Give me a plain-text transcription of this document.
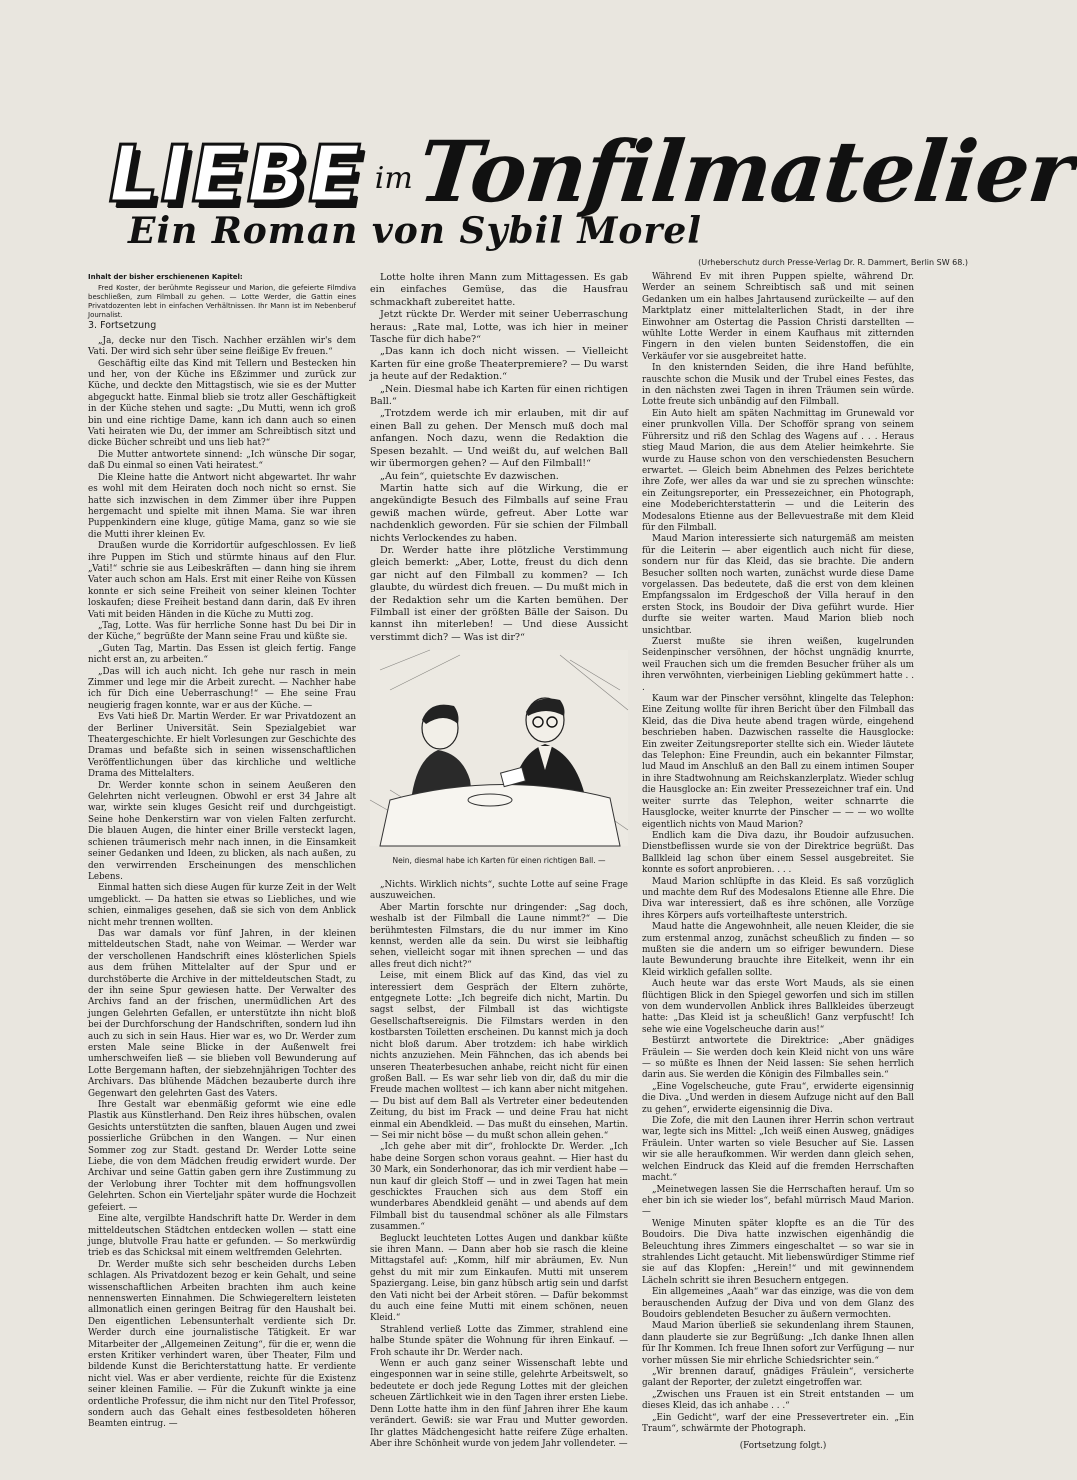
LIEBE im Tonfilmatelier
Ein Roman von Sybil Morel
(Urheberschutz durch Presse-Verlag Dr. R. Dammert, Berlin SW 68.)
Inhalt der bisher erschienenen Kapitel:

Fred Koster, der berühmte Regisseur und Marion, die gefeierte Filmdiva beschließen, zum Filmball zu gehen. — Lotte Werder, die Gattin eines Privatdozenten lebt in einfachen Verhältnissen. Ihr Mann ist im Nebenberuf Journalist.

3. Fortsetzung

„Ja, decke nur den Tisch. Nachher erzählen wir's dem Vati. Der wird sich sehr über seine fleißige Ev freuen.“

Geschäftig eilte das Kind mit Tellern und Bestecken hin und her, von der Küche ins Eßzimmer und zurück zur Küche, und deckte den Mittagstisch, wie sie es der Mutter abgeguckt hatte. Einmal blieb sie trotz aller Geschäftigkeit in der Küche stehen und sagte: „Du Mutti, wenn ich groß bin und eine richtige Dame, kann ich dann auch so einen Vati heiraten wie Du, der immer am Schreibtisch sitzt und dicke Bücher schreibt und uns lieb hat?“

Die Mutter antwortete sinnend: „Ich wünsche Dir sogar, daß Du einmal so einen Vati heiratest.“

Die Kleine hatte die Antwort nicht abgewartet. Ihr wahr es wohl mit dem Heiraten doch noch nicht so ernst. Sie hatte sich inzwischen in dem Zimmer über ihre Puppen hergemacht und spielte mit ihnen Mama. Sie war ihren Puppenkindern eine kluge, gütige Mama, ganz so wie sie die Mutti ihrer kleinen Ev.

Draußen wurde die Korridortür aufgeschlossen. Ev ließ ihre Puppen im Stich und stürmte hinaus auf den Flur. „Vati!“ schrie sie aus Leibeskräften — dann hing sie ihrem Vater auch schon am Hals. Erst mit einer Reihe von Küssen konnte er sich seine Freiheit von seiner kleinen Tochter loskaufen; diese Freiheit bestand dann darin, daß Ev ihren Vati mit beiden Händen in die Küche zu Mutti zog.

„Tag, Lotte. Was für herrliche Sonne hast Du bei Dir in der Küche,“ begrüßte der Mann seine Frau und küßte sie.

„Guten Tag, Martin. Das Essen ist gleich fertig. Fange nicht erst an, zu arbeiten.“

„Das will ich auch nicht. Ich gehe nur rasch in mein Zimmer und lege mir die Arbeit zurecht. — Nachher habe ich für Dich eine Ueberraschung!“ — Ehe seine Frau neugierig fragen konnte, war er aus der Küche. —

Evs Vati hieß Dr. Martin Werder. Er war Privatdozent an der Berliner Universität. Sein Spezialgebiet war Theatergeschichte. Er hielt Vorlesungen zur Geschichte des Dramas und befaßte sich in seinen wissenschaftlichen Veröffentlichungen über das kirchliche und weltliche Drama des Mittelalters.

Dr. Werder konnte schon in seinem Aeußeren den Gelehrten nicht verleugnen. Obwohl er erst 34 Jahre alt war, wirkte sein kluges Gesicht reif und durchgeistigt. Seine hohe Denkerstirn war von vielen Falten zerfurcht. Die blauen Augen, die hinter einer Brille versteckt lagen, schienen träumerisch mehr nach innen, in die Einsamkeit seiner Gedanken und Ideen, zu blicken, als nach außen, zu den verwirrenden Erscheinungen des menschlichen Lebens.

Einmal hatten sich diese Augen für kurze Zeit in der Welt umgeblickt. — Da hatten sie etwas so Liebliches, und wie schien, einmaliges gesehen, daß sie sich von dem Anblick nicht mehr trennen wollten.

Das war damals vor fünf Jahren, in der kleinen mitteldeutschen Stadt, nahe von Weimar. — Werder war der verschollenen Handschrift eines klösterlichen Spiels aus dem frühen Mittelalter auf der Spur und er durchstöberte die Archive in der mitteldeutschen Stadt, zu der ihn seine Spur gewiesen hatte. Der Verwalter des Archivs fand an der frischen, unermüdlichen Art des jungen Gelehrten Gefallen, er unterstützte ihn nicht bloß bei der Durchforschung der Handschriften, sondern lud ihn auch zu sich in sein Haus. Hier war es, wo Dr. Werder zum ersten Male seine Blicke in der Außenwelt frei umherschweifen ließ — sie blieben voll Bewunderung auf Lotte Bergemann haften, der siebzehnjährigen Tochter des Archivars. Das blühende Mädchen bezauberte durch ihre Gegenwart den gelehrten Gast des Vaters.

Ihre Gestalt war ebenmäßig geformt wie eine edle Plastik aus Künstlerhand. Den Reiz ihres hübschen, ovalen Gesichts unterstützten die sanften, blauen Augen und zwei possierliche Grübchen in den Wangen. — Nur einen Sommer zog zur Stadt. gestand Dr. Werder Lotte seine Liebe, die von dem Mädchen freudig erwidert wurde. Der Archivar und seine Gattin gaben gern ihre Zustimmung zu der Verlobung ihrer Tochter mit dem hoffnungsvollen Gelehrten. Schon ein Vierteljahr später wurde die Hochzeit gefeiert. —

Eine alte, vergilbte Handschrift hatte Dr. Werder in dem mitteldeutschen Städtchen entdecken wollen — statt eine junge, blutvolle Frau hatte er gefunden. — So merkwürdig trieb es das Schicksal mit einem weltfremden Gelehrten.

Dr. Werder mußte sich sehr bescheiden durchs Leben schlagen. Als Privatdozent bezog er kein Gehalt, und seine wissenschaftlichen Arbeiten brachten ihm auch keine nennenswerten Einnahmen. Die Schwiegereltern leisteten allmonatlich einen geringen Beitrag für den Haushalt bei. Den eigentlichen Lebensunterhalt verdiente sich Dr. Werder durch eine journalistische Tätigkeit. Er war Mitarbeiter der „Allgemeinen Zeitung“, für die er, wenn die ersten Kritiker verhindert waren, über Theater, Film und bildende Kunst die Berichterstattung hatte. Er verdiente nicht viel. Was er aber verdiente, reichte für die Existenz seiner kleinen Familie. — Für die Zukunft winkte ja eine ordentliche Professur, die ihm nicht nur den Titel Professor, sondern auch das Gehalt eines festbesoldeten höheren Beamten eintrug. —

Lotte holte ihren Mann zum Mittagessen. Es gab ein einfaches Gemüse, das die Hausfrau schmackhaft zubereitet hatte.

Jetzt rückte Dr. Werder mit seiner Ueberraschung heraus: „Rate mal, Lotte, was ich hier in meiner Tasche für dich habe?“

„Das kann ich doch nicht wissen. — Vielleicht Karten für eine große Theaterpremiere? — Du warst ja heute auf der Redaktion.“

„Nein. Diesmal habe ich Karten für einen richtigen Ball.“

„Trotzdem werde ich mir erlauben, mit dir auf einen Ball zu gehen. Der Mensch muß doch mal anfangen. Noch dazu, wenn die Redaktion die Spesen bezahlt. — Und weißt du, auf welchen Ball wir übermorgen gehen? — Auf den Filmball!“

„Au fein“, quietschte Ev dazwischen.

Martin hatte sich auf die Wirkung, die er angekündigte Besuch des Filmballs auf seine Frau gewiß machen würde, gefreut. Aber Lotte war nachdenklich geworden. Für sie schien der Filmball nichts Verlockendes zu haben.

Dr. Werder hatte ihre plötzliche Verstimmung gleich bemerkt: „Aber, Lotte, freust du dich denn gar nicht auf den Filmball zu kommen? — Ich glaubte, du würdest dich freuen. — Du mußt mich in der Redaktion sehr um die Karten bemühen. Der Filmball ist einer der größten Bälle der Saison. Du kannst ihn miterleben! — Und diese Aussicht verstimmt dich? — Was ist dir?“

Nein, diesmal habe ich Karten für einen richtigen Ball. —

„Nichts. Wirklich nichts“, suchte Lotte auf seine Frage auszuweichen.

Aber Martin forschte nur dringender: „Sag doch, weshalb ist der Filmball die Laune nimmt?“ — Die berühmtesten Filmstars, die du nur immer im Kino kennst, werden alle da sein. Du wirst sie leibhaftig sehen, vielleicht sogar mit ihnen sprechen — und das alles freut dich nicht?“

Leise, mit einem Blick auf das Kind, das viel zu interessiert dem Gespräch der Eltern zuhörte, entgegnete Lotte: „Ich begreife dich nicht, Martin. Du sagst selbst, der Filmball ist das wichtigste Gesellschaftsereignis. Die Filmstars werden in den kostbarsten Toiletten erscheinen. Du kannst mich ja doch nicht bloß darum. Aber trotzdem: ich habe wirklich nichts anzuziehen. Mein Fähnchen, das ich abends bei unseren Theaterbesuchen anhabe, reicht nicht für einen großen Ball. — Es war sehr lieb von dir, daß du mir die Freude machen wolltest — ich kann aber nicht mitgehen. — Du bist auf dem Ball als Vertreter einer bedeutenden Zeitung, du bist im Frack — und deine Frau hat nicht einmal ein Abendkleid. — Das mußt du einsehen, Martin. — Sei mir nicht böse — du mußt schon allein gehen.“

„Ich gehe aber mit dir“, frohlockte Dr. Werder. „Ich habe deine Sorgen schon voraus geahnt. — Hier hast du 30 Mark, ein Sonderhonorar, das ich mir verdient habe — nun kauf dir gleich Stoff — und in zwei Tagen hat mein geschicktes Frauchen sich aus dem Stoff ein wunderbares Abendkleid genäht — und abends auf dem Filmball bist du tausendmal schöner als alle Filmstars zusammen.“

Begluckt leuchteten Lottes Augen und dankbar küßte sie ihren Mann. — Dann aber hob sie rasch die kleine Mittagstafel auf: „Komm, hilf mir abräumen, Ev. Nun gehst du mit mir zum Einkaufen. Mutti mit unserem Spaziergang. Leise, bin ganz hübsch artig sein und darfst den Vati nicht bei der Arbeit stören. — Dafür bekommst du auch eine feine Mutti mit einem schönen, neuen Kleid.“

Strahlend verließ Lotte das Zimmer, strahlend eine halbe Stunde später die Wohnung für ihren Einkauf. — Froh schaute ihr Dr. Werder nach.

Wenn er auch ganz seiner Wissenschaft lebte und eingesponnen war in seine stille, gelehrte Arbeitswelt, so bedeutete er doch jede Regung Lottes mit der gleichen scheuen Zärtlichkeit wie in den Tagen ihrer ersten Liebe. Denn Lotte hatte ihm in den fünf Jahren ihrer Ehe kaum verändert. Gewiß: sie war Frau und Mutter geworden. Ihr glattes Mädchengesicht hatte reifere Züge erhalten. Aber ihre Schönheit wurde von jedem Jahr vollendeter. —

Während Ev mit ihren Puppen spielte, während Dr. Werder an seinem Schreibtisch saß und mit seinen Gedanken um ein halbes Jahrtausend zurückeilte — auf den Marktplatz einer mittelalterlichen Stadt, in der ihre Einwohner am Ostertag die Passion Christi darstellten — wühlte Lotte Werder in einem Kaufhaus mit zitternden Fingern in den vielen bunten Seidenstoffen, die ein Verkäufer vor sie ausgebreitet hatte.

In den knisternden Seiden, die ihre Hand befühlte, rauschte schon die Musik und der Trubel eines Festes, das in den nächsten zwei Tagen in ihren Träumen sein würde. Lotte freute sich unbändig auf den Filmball.

Ein Auto hielt am späten Nachmittag im Grunewald vor einer prunkvollen Villa. Der Schofför sprang von seinem Führersitz und riß den Schlag des Wagens auf . . . Heraus stieg Maud Marion, die aus dem Atelier heimkehrte. Sie wurde zu Hause schon von den verschiedensten Besuchern erwartet. — Gleich beim Abnehmen des Pelzes berichtete ihre Zofe, wer alles da war und sie zu sprechen wünschte: ein Zeitungsreporter, ein Pressezeichner, ein Photograph, eine Modeberichterstatterin — und die Leiterin des Modesalons Etienne aus der Bellevuestraße mit dem Kleid für den Filmball.

Maud Marion interessierte sich naturgemäß am meisten für die Leiterin — aber eigentlich auch nicht für diese, sondern nur für das Kleid, das sie brachte. Die andern Besucher sollten noch warten, zunächst wurde diese Dame vorgelassen. Das bedeutete, daß die erst von dem kleinen Empfangssalon im Erdgeschoß der Villa herauf in den ersten Stock, ins Boudoir der Diva geführt wurde. Hier durfte sie weiter warten. Maud Marion blieb noch unsichtbar.

Zuerst mußte sie ihren weißen, kugelrunden Seidenpinscher versöhnen, der höchst ungnädig knurrte, weil Frauchen sich um die fremden Besucher früher als um ihren verwöhnten, vierbeinigen Liebling gekümmert hatte . . .

Kaum war der Pinscher versöhnt, klingelte das Telephon: Eine Zeitung wollte für ihren Bericht über den Filmball das Kleid, das die Diva heute abend tragen würde, eingehend beschrieben haben. Dazwischen rasselte die Hausglocke: Ein zweiter Zeitungsreporter stellte sich ein. Wieder läutete das Telephon: Eine Freundin, auch ein bekannter Filmstar, lud Maud im Anschluß an den Ball zu einem intimen Souper in ihre Stadtwohnung am Reichskanzlerplatz. Wieder schlug die Hausglocke an: Ein zweiter Pressezeichner traf ein. Und weiter surrte das Telephon, weiter schnarrte die Hausglocke, weiter knurrte der Pinscher — — — wo wollte eigentlich nichts von Maud Marion?

Endlich kam die Diva dazu, ihr Boudoir aufzusuchen. Dienstbeflissen wurde sie von der Direktrice begrüßt. Das Ballkleid lag schon über einem Sessel ausgebreitet. Sie konnte es sofort anprobieren. . . .

Maud Marion schlüpfte in das Kleid. Es saß vorzüglich und machte dem Ruf des Modesalons Etienne alle Ehre. Die Diva war interessiert, daß es ihre schönen, alle Vorzüge ihres Körpers aufs vorteilhafteste unterstrich.

Maud hatte die Angewohnheit, alle neuen Kleider, die sie zum erstenmal anzog, zunächst scheußlich zu finden — so mußten sie die andern um so eifriger bewundern. Diese laute Bewunderung brauchte ihre Eitelkeit, wenn ihr ein Kleid wirklich gefallen sollte.

Auch heute war das erste Wort Mauds, als sie einen flüchtigen Blick in den Spiegel geworfen und sich im stillen von dem wundervollen Anblick ihres Ballkleides überzeugt hatte: „Das Kleid ist ja scheußlich! Ganz verpfuscht! Ich sehe wie eine Vogelscheuche darin aus!“

Bestürzt antwortete die Direktrice: „Aber gnädiges Fräulein — Sie werden doch kein Kleid nicht von uns wäre — so müßte es Ihnen der Neid lassen: Sie sehen herrlich darin aus. Sie werden die Königin des Filmballes sein.“

„Eine Vogelscheuche, gute Frau“, erwiderte eigensinnig die Diva. „Und werden in diesem Aufzuge nicht auf den Ball zu gehen“, erwiderte eigensinnig die Diva.

Die Zofe, die mit den Launen ihrer Herrin schon vertraut war, legte sich ins Mittel: „Ich weiß einen Ausweg, gnädiges Fräulein. Unter warten so viele Besucher auf Sie. Lassen wir sie alle heraufkommen. Wir werden dann gleich sehen, welchen Eindruck das Kleid auf die fremden Herrschaften macht.“

„Meinetwegen lassen Sie die Herrschaften herauf. Um so eher bin ich sie wieder los“, befahl mürrisch Maud Marion. —

Wenige Minuten später klopfte es an die Tür des Boudoirs. Die Diva hatte inzwischen eigenhändig die Beleuchtung ihres Zimmers eingeschaltet — so war sie in strahlendes Licht getaucht. Mit liebenswürdiger Stimme rief sie auf das Klopfen: „Herein!“ und mit gewinnendem Lächeln schritt sie ihren Besuchern entgegen.

Ein allgemeines „Aaah“ war das einzige, was die von dem berauschenden Aufzug der Diva und von dem Glanz des Boudoirs geblendeten Besucher zu äußern vermochten.

Maud Marion überließ sie sekundenlang ihrem Staunen, dann plauderte sie zur Begrüßung: „Ich danke Ihnen allen für Ihr Kommen. Ich freue Ihnen sofort zur Verfügung — nur vorher müssen Sie mir ehrliche Schiedsrichter sein.“

„Wir brennen darauf, gnädiges Fräulein“, versicherte galant der Reporter, der zuletzt eingetroffen war.

„Zwischen uns Frauen ist ein Streit entstanden — um dieses Kleid, das ich anhabe . . .“

„Ein Gedicht“, warf der eine Pressevertreter ein. „Ein Traum“, schwärmte der Photograph.

(Fortsetzung folgt.)
